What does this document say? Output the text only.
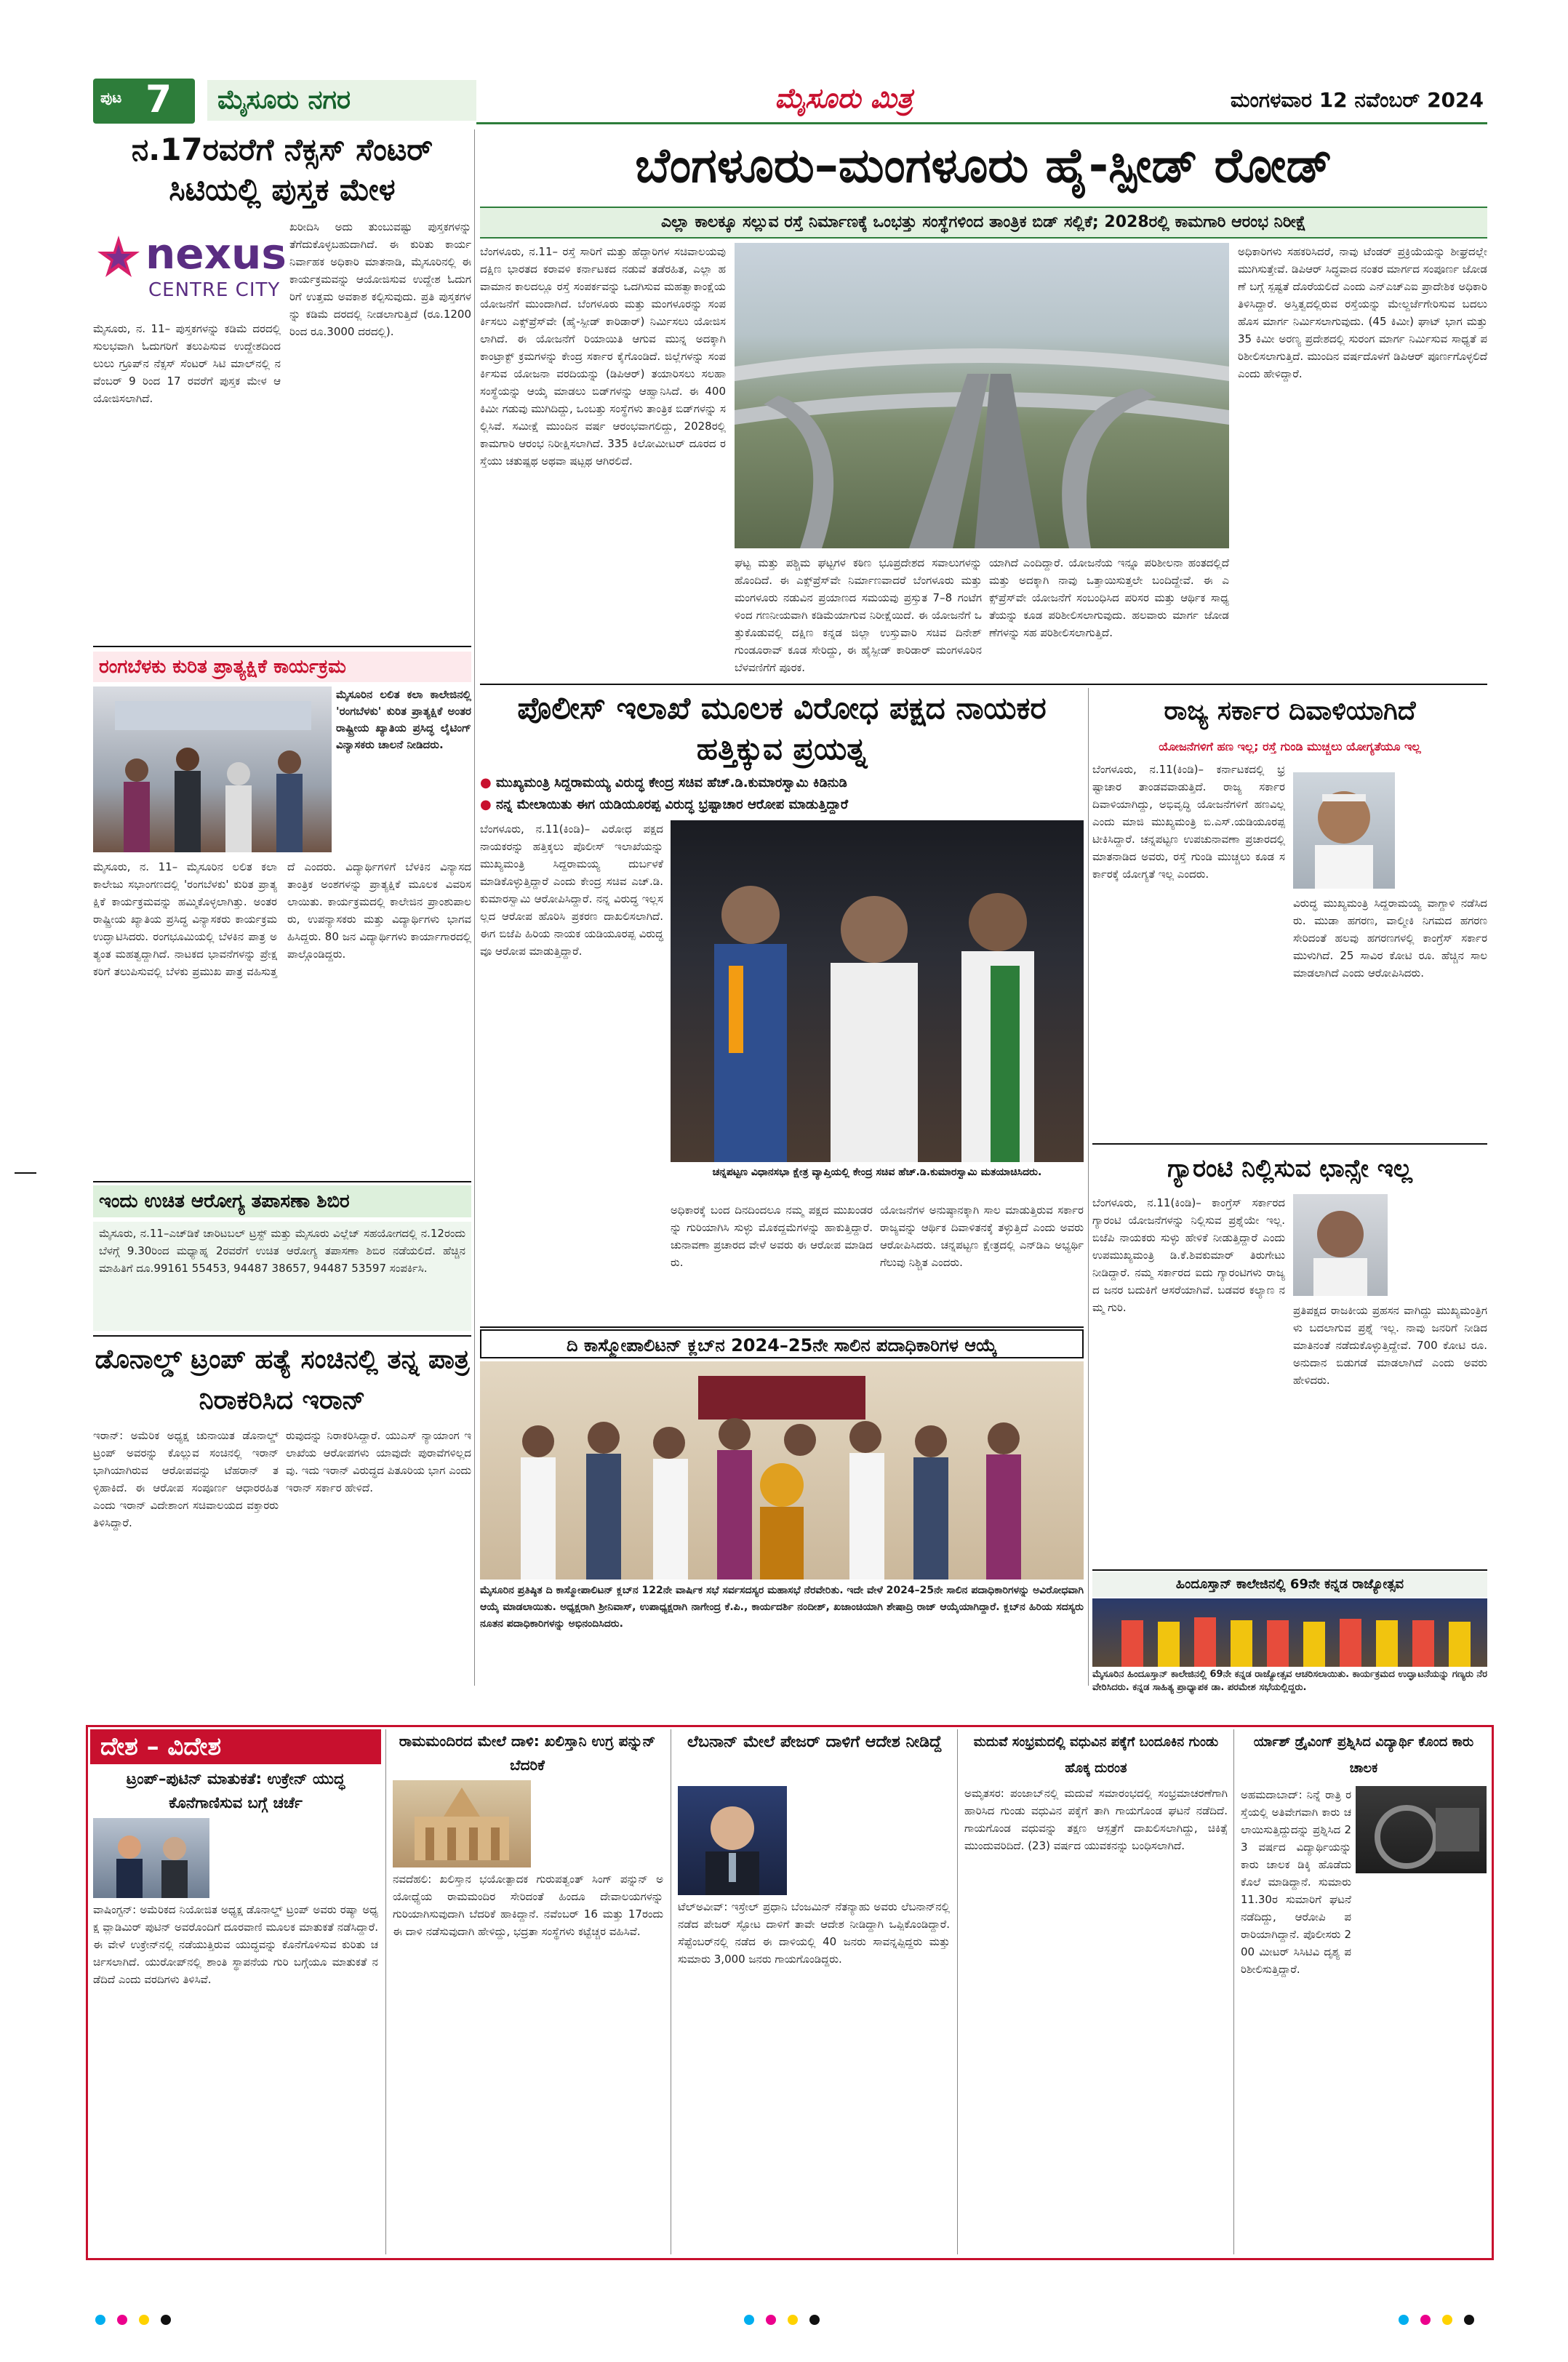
ಪುಟ 7	ಮೈಸೂರು ನಗರ	ಮೈಸೂರು ಮಿತ್ರ	ಮಂಗಳವಾರ 12 ನವೆಂಬರ್ 2024
ನ.17ರವರೆಗೆ ನೆಕ್ಸಸ್ ಸೆಂಟರ್ ಸಿಟಿಯಲ್ಲಿ ಪುಸ್ತಕ ಮೇಳ
nexus
CENTRE CITY
ಮೈಸೂರು, ನ. 11– ಪುಸ್ತಕಗಳನ್ನು ಕಡಿಮೆ ದರದಲ್ಲಿ ಸುಲಭವಾಗಿ ಓದುಗರಿಗೆ ತಲುಪಿಸುವ ಉದ್ದೇಶದಿಂದ ಲುಲು ಗ್ರೂಪ್‌ನ ನೆಕ್ಸಸ್ ಸೆಂಟರ್ ಸಿಟಿ ಮಾಲ್‌ನಲ್ಲಿ ನವೆಂಬರ್ 9 ರಿಂದ 17 ರವರೆಗೆ ಪುಸ್ತಕ ಮೇಳ ಆಯೋಜಿಸಲಾಗಿದೆ.
ಖರೀದಿಸಿ ಅದು ತುಂಬುವಷ್ಟು ಪುಸ್ತಕಗಳನ್ನು ತೆಗೆದುಕೊಳ್ಳಬಹುದಾಗಿದೆ. ಈ ಕುರಿತು ಕಾರ್ಯ ನಿರ್ವಾಹಕ ಅಧಿಕಾರಿ ಮಾತನಾಡಿ, ಮೈಸೂರಿನಲ್ಲಿ ಈ ಕಾರ್ಯಕ್ರಮವನ್ನು ಆಯೋಜಿಸುವ ಉದ್ದೇಶ ಓದುಗರಿಗೆ ಉತ್ತಮ ಅವಕಾಶ ಕಲ್ಪಿಸುವುದು. ಪ್ರತಿ ಪುಸ್ತಕಗಳನ್ನು ಕಡಿಮೆ ದರದಲ್ಲಿ ನೀಡಲಾಗುತ್ತಿದೆ (ರೂ.1200ರಿಂದ ರೂ.3000 ದರದಲ್ಲಿ).
ರಂಗಬೆಳಕು ಕುರಿತ ಪ್ರಾತ್ಯಕ್ಷಿಕೆ ಕಾರ್ಯಕ್ರಮ
ಮೈಸೂರಿನ ಲಲಿತ ಕಲಾ ಕಾಲೇಜಿನಲ್ಲಿ 'ರಂಗಬೆಳಕು' ಕುರಿತ ಪ್ರಾತ್ಯಕ್ಷಿಕೆ ಅಂತರ ರಾಷ್ಟ್ರೀಯ ಖ್ಯಾತಿಯ ಪ್ರಸಿದ್ಧ ಲೈಟಿಂಗ್ ವಿನ್ಯಾಸಕರು ಚಾಲನೆ ನೀಡಿದರು.
ಮೈಸೂರು, ನ. 11– ಮೈಸೂರಿನ ಲಲಿತ ಕಲಾ ಕಾಲೇಜು ಸಭಾಂಗಣದಲ್ಲಿ 'ರಂಗಬೆಳಕು' ಕುರಿತ ಪ್ರಾತ್ಯಕ್ಷಿಕೆ ಕಾರ್ಯಕ್ರಮವನ್ನು ಹಮ್ಮಿಕೊಳ್ಳಲಾಗಿತ್ತು. ಅಂತರರಾಷ್ಟ್ರೀಯ ಖ್ಯಾತಿಯ ಪ್ರಸಿದ್ಧ ವಿನ್ಯಾಸಕರು ಕಾರ್ಯಕ್ರಮ ಉದ್ಘಾಟಿಸಿದರು. ರಂಗಭೂಮಿಯಲ್ಲಿ ಬೆಳಕಿನ ಪಾತ್ರ ಅತ್ಯಂತ ಮಹತ್ವದ್ದಾಗಿದೆ. ನಾಟಕದ ಭಾವನೆಗಳನ್ನು ಪ್ರೇಕ್ಷಕರಿಗೆ ತಲುಪಿಸುವಲ್ಲಿ ಬೆಳಕು ಪ್ರಮುಖ ಪಾತ್ರ ವಹಿಸುತ್ತದೆ ಎಂದರು. ವಿದ್ಯಾರ್ಥಿಗಳಿಗೆ ಬೆಳಕಿನ ವಿನ್ಯಾಸದ ತಾಂತ್ರಿಕ ಅಂಶಗಳನ್ನು ಪ್ರಾತ್ಯಕ್ಷಿಕೆ ಮೂಲಕ ವಿವರಿಸಲಾಯಿತು. ಕಾರ್ಯಕ್ರಮದಲ್ಲಿ ಕಾಲೇಜಿನ ಪ್ರಾಂಶುಪಾಲರು, ಉಪನ್ಯಾಸಕರು ಮತ್ತು ವಿದ್ಯಾರ್ಥಿಗಳು ಭಾಗವಹಿಸಿದ್ದರು. 80 ಜನ ವಿದ್ಯಾರ್ಥಿಗಳು ಕಾರ್ಯಾಗಾರದಲ್ಲಿ ಪಾಲ್ಗೊಂಡಿದ್ದರು.
ಇಂದು ಉಚಿತ ಆರೋಗ್ಯ ತಪಾಸಣಾ ಶಿಬಿರ
ಮೈಸೂರು, ನ.11–ಎಚ್‌ಡಿಕೆ ಚಾರಿಟಬಲ್ ಟ್ರಸ್ಟ್ ಮತ್ತು ಮೈಸೂರು ವಿಲ್ಲೆಜ್ ಸಹಯೋಗದಲ್ಲಿ ನ.12ರಂದು ಬೆಳಗ್ಗೆ 9.30ರಿಂದ ಮಧ್ಯಾಹ್ನ 2ರವರೆಗೆ ಉಚಿತ ಆರೋಗ್ಯ ತಪಾಸಣಾ ಶಿಬಿರ ನಡೆಯಲಿದೆ. ಹೆಚ್ಚಿನ ಮಾಹಿತಿಗೆ ದೂ.99161 55453, 94487 38657, 94487 53597 ಸಂಪರ್ಕಿಸಿ.
ಡೊನಾಲ್ಡ್ ಟ್ರಂಪ್ ಹತ್ಯೆ ಸಂಚಿನಲ್ಲಿ ತನ್ನ ಪಾತ್ರ ನಿರಾಕರಿಸಿದ ಇರಾನ್
ಇರಾನ್: ಅಮೆರಿಕ ಅಧ್ಯಕ್ಷ ಚುನಾಯಿತ ಡೊನಾಲ್ಡ್ ಟ್ರಂಪ್ ಅವರನ್ನು ಕೊಲ್ಲುವ ಸಂಚಿನಲ್ಲಿ ಇರಾನ್ ಭಾಗಿಯಾಗಿರುವ ಆರೋಪವನ್ನು ಟೆಹರಾನ್ ತಳ್ಳಿಹಾಕಿದೆ. ಈ ಆರೋಪ ಸಂಪೂರ್ಣ ಆಧಾರರಹಿತ ಎಂದು ಇರಾನ್ ವಿದೇಶಾಂಗ ಸಚಿವಾಲಯದ ವಕ್ತಾರರು ತಿಳಿಸಿದ್ದಾರೆ.
ರುವುದನ್ನು ನಿರಾಕರಿಸಿದ್ದಾರೆ. ಯುಎಸ್ ನ್ಯಾಯಾಂಗ ಇಲಾಖೆಯ ಆರೋಪಗಳು ಯಾವುದೇ ಪುರಾವೆಗಳಿಲ್ಲದವು. ಇದು ಇರಾನ್ ವಿರುದ್ಧದ ಪಿತೂರಿಯ ಭಾಗ ಎಂದು ಇರಾನ್ ಸರ್ಕಾರ ಹೇಳಿದೆ.
ಬೆಂಗಳೂರು–ಮಂಗಳೂರು ಹೈ-ಸ್ಪೀಡ್ ರೋಡ್
ಎಲ್ಲಾ ಕಾಲಕ್ಕೂ ಸಲ್ಲುವ ರಸ್ತೆ ನಿರ್ಮಾಣಕ್ಕೆ ಒಂಭತ್ತು ಸಂಸ್ಥೆಗಳಿಂದ ತಾಂತ್ರಿಕ ಬಿಡ್ ಸಲ್ಲಿಕೆ; 2028ರಲ್ಲಿ ಕಾಮಗಾರಿ ಆರಂಭ ನಿರೀಕ್ಷೆ
ಬೆಂಗಳೂರು, ನ.11– ರಸ್ತೆ ಸಾರಿಗೆ ಮತ್ತು ಹೆದ್ದಾರಿಗಳ ಸಚಿವಾಲಯವು ದಕ್ಷಿಣ ಭಾರತದ ಕರಾವಳಿ ಕರ್ನಾಟಕದ ನಡುವೆ ತಡೆರಹಿತ, ಎಲ್ಲಾ ಹವಾಮಾನ ಕಾಲದಲ್ಲೂ ರಸ್ತೆ ಸಂಪರ್ಕವನ್ನು ಒದಗಿಸುವ ಮಹತ್ವಾಕಾಂಕ್ಷೆಯ ಯೋಜನೆಗೆ ಮುಂದಾಗಿದೆ. ಬೆಂಗಳೂರು ಮತ್ತು ಮಂಗಳೂರನ್ನು ಸಂಪರ್ಕಿಸಲು ಎಕ್ಸ್‌ಪ್ರೆಸ್‌ವೇ (ಹೈ-ಸ್ಪೀಡ್ ಕಾರಿಡಾರ್) ನಿರ್ಮಿಸಲು ಯೋಜಿಸಲಾಗಿದೆ. ಈ ಯೋಜನೆಗೆ ರಿಯಾಯಿತಿ ಆಗುವ ಮುನ್ನ ಅದಕ್ಕಾಗಿ ಕಾಂಟ್ರಾಕ್ಟ್ ಕ್ರಮಗಳನ್ನು ಕೇಂದ್ರ ಸರ್ಕಾರ ಕೈಗೊಂಡಿದೆ. ಜಿಲ್ಲೆಗಳನ್ನು ಸಂಪರ್ಕಿಸುವ ಯೋಜನಾ ವರದಿಯನ್ನು (ಡಿಪಿಆರ್) ತಯಾರಿಸಲು ಸಲಹಾ ಸಂಸ್ಥೆಯನ್ನು ಆಯ್ಕೆ ಮಾಡಲು ಬಿಡ್‌ಗಳನ್ನು ಆಹ್ವಾನಿಸಿದೆ. ಈ 400ಕಿಮೀ ಗಡುವು ಮುಗಿದಿದ್ದು, ಒಂಬತ್ತು ಸಂಸ್ಥೆಗಳು ತಾಂತ್ರಿಕ ಬಿಡ್‌ಗಳನ್ನು ಸಲ್ಲಿಸಿವೆ. ಸಮೀಕ್ಷೆ ಮುಂದಿನ ವರ್ಷ ಆರಂಭವಾಗಲಿದ್ದು, 2028ರಲ್ಲಿ ಕಾಮಗಾರಿ ಆರಂಭ ನಿರೀಕ್ಷಿಸಲಾಗಿದೆ. 335 ಕಿಲೋಮೀಟರ್ ದೂರದ ರಸ್ತೆಯು ಚತುಷ್ಪಥ ಅಥವಾ ಷಟ್ಪಥ ಆಗಿರಲಿದೆ.
ಘಟ್ಟ ಮತ್ತು ಪಶ್ಚಿಮ ಘಟ್ಟಗಳ ಕಠಿಣ ಭೂಪ್ರದೇಶದ ಸವಾಲುಗಳನ್ನು ಹೊಂದಿದೆ. ಈ ಎಕ್ಸ್‌ಪ್ರೆಸ್‌ವೇ ನಿರ್ಮಾಣವಾದರೆ ಬೆಂಗಳೂರು ಮತ್ತು ಮಂಗಳೂರು ನಡುವಿನ ಪ್ರಯಾಣದ ಸಮಯವು ಪ್ರಸ್ತುತ 7–8 ಗಂಟೆಗಳಿಂದ ಗಣನೀಯವಾಗಿ ಕಡಿಮೆಯಾಗುವ ನಿರೀಕ್ಷೆಯಿದೆ. ಈ ಯೋಜನೆಗೆ ಒತ್ತುಕೊಡುವಲ್ಲಿ ದಕ್ಷಿಣ ಕನ್ನಡ ಜಿಲ್ಲಾ ಉಸ್ತುವಾರಿ ಸಚಿವ ದಿನೇಶ್ ಗುಂಡೂರಾವ್ ಕೂಡ ಸೇರಿದ್ದು, ಈ ಹೈಸ್ಪೀಡ್ ಕಾರಿಡಾರ್ ಮಂಗಳೂರಿನ ಬೆಳವಣಿಗೆಗೆ ಪೂರಕ.
ಯಾಗಿದೆ ಎಂದಿದ್ದಾರೆ. ಯೋಜನೆಯ ಇನ್ನೂ ಪರಿಶೀಲನಾ ಹಂತದಲ್ಲಿದೆ ಮತ್ತು ಅದಕ್ಕಾಗಿ ನಾವು ಒತ್ತಾಯಿಸುತ್ತಲೇ ಬಂದಿದ್ದೇವೆ. ಈ ಎಕ್ಸ್‌ಪ್ರೆಸ್‌ವೇ ಯೋಜನೆಗೆ ಸಂಬಂಧಿಸಿದ ಪರಿಸರ ಮತ್ತು ಆರ್ಥಿಕ ಸಾಧ್ಯತೆಯನ್ನು ಕೂಡ ಪರಿಶೀಲಿಸಲಾಗುವುದು. ಹಲವಾರು ಮಾರ್ಗ ಜೋಡಣೆಗಳನ್ನು ಸಹ ಪರಿಶೀಲಿಸಲಾಗುತ್ತಿದೆ.
ಅಧಿಕಾರಿಗಳು ಸಹಕರಿಸಿದರೆ, ನಾವು ಟೆಂಡರ್ ಪ್ರಕ್ರಿಯೆಯನ್ನು ಶೀಘ್ರದಲ್ಲೇ ಮುಗಿಸುತ್ತೇವೆ. ಡಿಪಿಆರ್ ಸಿದ್ಧವಾದ ನಂತರ ಮಾರ್ಗದ ಸಂಪೂರ್ಣ ಜೋಡಣೆ ಬಗ್ಗೆ ಸ್ಪಷ್ಟತೆ ದೊರೆಯಲಿದೆ ಎಂದು ಎನ್‌ಎಚ್‌ಎಐ ಪ್ರಾದೇಶಿಕ ಅಧಿಕಾರಿ ತಿಳಿಸಿದ್ದಾರೆ. ಅಸ್ತಿತ್ವದಲ್ಲಿರುವ ರಸ್ತೆಯನ್ನು ಮೇಲ್ದರ್ಜೆಗೇರಿಸುವ ಬದಲು ಹೊಸ ಮಾರ್ಗ ನಿರ್ಮಿಸಲಾಗುವುದು. (45 ಕಿಮೀ) ಘಾಟ್ ಭಾಗ ಮತ್ತು 35 ಕಿಮೀ ಅರಣ್ಯ ಪ್ರದೇಶದಲ್ಲಿ ಸುರಂಗ ಮಾರ್ಗ ನಿರ್ಮಿಸುವ ಸಾಧ್ಯತೆ ಪರಿಶೀಲಿಸಲಾಗುತ್ತಿದೆ. ಮುಂದಿನ ವರ್ಷದೊಳಗೆ ಡಿಪಿಆರ್ ಪೂರ್ಣಗೊಳ್ಳಲಿದೆ ಎಂದು ಹೇಳಿದ್ದಾರೆ.
ಪೊಲೀಸ್ ಇಲಾಖೆ ಮೂಲಕ ವಿರೋಧ ಪಕ್ಷದ ನಾಯಕರ ಹತ್ತಿಕ್ಕುವ ಪ್ರಯತ್ನ
● ಮುಖ್ಯಮಂತ್ರಿ ಸಿದ್ದರಾಮಯ್ಯ ವಿರುದ್ಧ ಕೇಂದ್ರ ಸಚಿವ ಹೆಚ್.ಡಿ.ಕುಮಾರಸ್ವಾಮಿ ಕಿಡಿನುಡಿ
● ನನ್ನ ಮೇಲಾಯಿತು ಈಗ ಯಡಿಯೂರಪ್ಪ ವಿರುದ್ಧ ಭ್ರಷ್ಟಾಚಾರ ಆರೋಪ ಮಾಡುತ್ತಿದ್ದಾರೆ
ಬೆಂಗಳೂರು, ನ.11(ಕಿಂಡಿ)– ವಿರೋಧ ಪಕ್ಷದ ನಾಯಕರನ್ನು ಹತ್ತಿಕ್ಕಲು ಪೊಲೀಸ್ ಇಲಾಖೆಯನ್ನು ಮುಖ್ಯಮಂತ್ರಿ ಸಿದ್ದರಾಮಯ್ಯ ದುರ್ಬಳಕೆ ಮಾಡಿಕೊಳ್ಳುತ್ತಿದ್ದಾರೆ ಎಂದು ಕೇಂದ್ರ ಸಚಿವ ಎಚ್.ಡಿ.ಕುಮಾರಸ್ವಾಮಿ ಆರೋಪಿಸಿದ್ದಾರೆ. ನನ್ನ ವಿರುದ್ಧ ಇಲ್ಲಸಲ್ಲದ ಆರೋಪ ಹೊರಿಸಿ ಪ್ರಕರಣ ದಾಖಲಿಸಲಾಗಿದೆ. ಈಗ ಬಿಜೆಪಿ ಹಿರಿಯ ನಾಯಕ ಯಡಿಯೂರಪ್ಪ ವಿರುದ್ಧವೂ ಆರೋಪ ಮಾಡುತ್ತಿದ್ದಾರೆ.
ಚನ್ನಪಟ್ಟಣ ವಿಧಾನಸಭಾ ಕ್ಷೇತ್ರ ವ್ಯಾಪ್ತಿಯಲ್ಲಿ ಕೇಂದ್ರ ಸಚಿವ ಹೆಚ್.ಡಿ.ಕುಮಾರಸ್ವಾಮಿ ಮತಯಾಚಿಸಿದರು.
ಅಧಿಕಾರಕ್ಕೆ ಬಂದ ದಿನದಿಂದಲೂ ನಮ್ಮ ಪಕ್ಷದ ಮುಖಂಡರನ್ನು ಗುರಿಯಾಗಿಸಿ ಸುಳ್ಳು ಮೊಕದ್ದಮೆಗಳನ್ನು ಹಾಕುತ್ತಿದ್ದಾರೆ. ಚುನಾವಣಾ ಪ್ರಚಾರದ ವೇಳೆ ಅವರು ಈ ಆರೋಪ ಮಾಡಿದರು.
ಯೋಜನೆಗಳ ಅನುಷ್ಠಾನಕ್ಕಾಗಿ ಸಾಲ ಮಾಡುತ್ತಿರುವ ಸರ್ಕಾರ ರಾಜ್ಯವನ್ನು ಆರ್ಥಿಕ ದಿವಾಳಿತನಕ್ಕೆ ತಳ್ಳುತ್ತಿದೆ ಎಂದು ಅವರು ಆರೋಪಿಸಿದರು. ಚನ್ನಪಟ್ಟಣ ಕ್ಷೇತ್ರದಲ್ಲಿ ಎನ್‌ಡಿಎ ಅಭ್ಯರ್ಥಿ ಗೆಲುವು ನಿಶ್ಚಿತ ಎಂದರು.
ದಿ ಕಾಸ್ಮೋಪಾಲಿಟನ್ ಕ್ಲಬ್‌ನ 2024–25ನೇ ಸಾಲಿನ ಪದಾಧಿಕಾರಿಗಳ ಆಯ್ಕೆ
ಮೈಸೂರಿನ ಪ್ರತಿಷ್ಠಿತ ದಿ ಕಾಸ್ಮೋಪಾಲಿಟನ್ ಕ್ಲಬ್‌ನ 122ನೇ ವಾರ್ಷಿಕ ಸಭೆ ಸರ್ವಸದಸ್ಯರ ಮಹಾಸಭೆ ನೆರವೇರಿತು. ಇದೇ ವೇಳೆ 2024–25ನೇ ಸಾಲಿನ ಪದಾಧಿಕಾರಿಗಳನ್ನು ಅವಿರೋಧವಾಗಿ ಆಯ್ಕೆ ಮಾಡಲಾಯಿತು. ಅಧ್ಯಕ್ಷರಾಗಿ ಶ್ರೀನಿವಾಸ್, ಉಪಾಧ್ಯಕ್ಷರಾಗಿ ನಾಗೇಂದ್ರ ಕೆ.ಪಿ., ಕಾರ್ಯದರ್ಶಿ ನಂದೀಶ್, ಖಜಾಂಚಿಯಾಗಿ ಶೇಷಾದ್ರಿ ರಾಜ್ ಆಯ್ಕೆಯಾಗಿದ್ದಾರೆ. ಕ್ಲಬ್‌ನ ಹಿರಿಯ ಸದಸ್ಯರು ನೂತನ ಪದಾಧಿಕಾರಿಗಳನ್ನು ಅಭಿನಂದಿಸಿದರು.
ರಾಜ್ಯ ಸರ್ಕಾರ ದಿವಾಳಿಯಾಗಿದೆ
ಯೋಜನೆಗಳಿಗೆ ಹಣ ಇಲ್ಲ; ರಸ್ತೆ ಗುಂಡಿ ಮುಚ್ಚಲು ಯೋಗ್ಯತೆಯೂ ಇಲ್ಲ
ಬೆಂಗಳೂರು, ನ.11(ಕಿಂಡಿ)– ಕರ್ನಾಟಕದಲ್ಲಿ ಭ್ರಷ್ಟಾಚಾರ ತಾಂಡವವಾಡುತ್ತಿದೆ. ರಾಜ್ಯ ಸರ್ಕಾರ ದಿವಾಳಿಯಾಗಿದ್ದು, ಅಭಿವೃದ್ಧಿ ಯೋಜನೆಗಳಿಗೆ ಹಣವಿಲ್ಲ ಎಂದು ಮಾಜಿ ಮುಖ್ಯಮಂತ್ರಿ ಬಿ.ಎಸ್.ಯಡಿಯೂರಪ್ಪ ಟೀಕಿಸಿದ್ದಾರೆ. ಚನ್ನಪಟ್ಟಣ ಉಪಚುನಾವಣಾ ಪ್ರಚಾರದಲ್ಲಿ ಮಾತನಾಡಿದ ಅವರು, ರಸ್ತೆ ಗುಂಡಿ ಮುಚ್ಚಲು ಕೂಡ ಸರ್ಕಾರಕ್ಕೆ ಯೋಗ್ಯತೆ ಇಲ್ಲ ಎಂದರು.
ವಿರುದ್ಧ ಮುಖ್ಯಮಂತ್ರಿ ಸಿದ್ದರಾಮಯ್ಯ ವಾಗ್ದಾಳಿ ನಡೆಸಿದರು. ಮುಡಾ ಹಗರಣ, ವಾಲ್ಮೀಕಿ ನಿಗಮದ ಹಗರಣ ಸೇರಿದಂತೆ ಹಲವು ಹಗರಣಗಳಲ್ಲಿ ಕಾಂಗ್ರೆಸ್ ಸರ್ಕಾರ ಮುಳುಗಿದೆ. 25 ಸಾವಿರ ಕೋಟಿ ರೂ. ಹೆಚ್ಚಿನ ಸಾಲ ಮಾಡಲಾಗಿದೆ ಎಂದು ಆರೋಪಿಸಿದರು.
ಗ್ಯಾರಂಟಿ ನಿಲ್ಲಿಸುವ ಛಾನ್ಸೇ ಇಲ್ಲ
ಬೆಂಗಳೂರು, ನ.11(ಕಿಂಡಿ)– ಕಾಂಗ್ರೆಸ್ ಸರ್ಕಾರದ ಗ್ಯಾರಂಟಿ ಯೋಜನೆಗಳನ್ನು ನಿಲ್ಲಿಸುವ ಪ್ರಶ್ನೆಯೇ ಇಲ್ಲ. ಬಿಜೆಪಿ ನಾಯಕರು ಸುಳ್ಳು ಹೇಳಿಕೆ ನೀಡುತ್ತಿದ್ದಾರೆ ಎಂದು ಉಪಮುಖ್ಯಮಂತ್ರಿ ಡಿ.ಕೆ.ಶಿವಕುಮಾರ್ ತಿರುಗೇಟು ನೀಡಿದ್ದಾರೆ. ನಮ್ಮ ಸರ್ಕಾರದ ಐದು ಗ್ಯಾರಂಟಿಗಳು ರಾಜ್ಯದ ಜನರ ಬದುಕಿಗೆ ಆಸರೆಯಾಗಿವೆ. ಬಡವರ ಕಲ್ಯಾಣ ನಮ್ಮ ಗುರಿ.	ಪ್ರತಿಪಕ್ಷದ ರಾಜಕೀಯ ಪ್ರಹಸನ ವಾಗಿದ್ದು ಮುಖ್ಯಮಂತ್ರಿಗಳು ಬದಲಾಗುವ ಪ್ರಶ್ನೆ ಇಲ್ಲ. ನಾವು ಜನರಿಗೆ ನೀಡಿದ ಮಾತಿನಂತೆ ನಡೆದುಕೊಳ್ಳುತ್ತಿದ್ದೇವೆ. 700 ಕೋಟಿ ರೂ. ಅನುದಾನ ಬಿಡುಗಡೆ ಮಾಡಲಾಗಿದೆ ಎಂದು ಅವರು ಹೇಳಿದರು.
ಹಿಂದೂಸ್ತಾನ್ ಕಾಲೇಜಿನಲ್ಲಿ 69ನೇ ಕನ್ನಡ ರಾಜ್ಯೋತ್ಸವ
ಮೈಸೂರಿನ ಹಿಂದೂಸ್ತಾನ್ ಕಾಲೇಜಿನಲ್ಲಿ 69ನೇ ಕನ್ನಡ ರಾಜ್ಯೋತ್ಸವ ಆಚರಿಸಲಾಯಿತು. ಕಾರ್ಯಕ್ರಮದ ಉದ್ಘಾಟನೆಯನ್ನು ಗಣ್ಯರು ನೆರವೇರಿಸಿದರು. ಕನ್ನಡ ಸಾಹಿತ್ಯ ಪ್ರಾಧ್ಯಾಪಕ ಡಾ. ಪರಮೇಶ ಸಭೆಯಲ್ಲಿದ್ದರು.
ದೇಶ – ವಿದೇಶ
ಟ್ರಂಪ್–ಪುಟಿನ್ ಮಾತುಕತೆ: ಉಕ್ರೇನ್ ಯುದ್ಧ ಕೊನೆಗಾಣಿಸುವ ಬಗ್ಗೆ ಚರ್ಚೆ
ವಾಷಿಂಗ್ಟನ್: ಅಮೆರಿಕದ ನಿಯೋಜಿತ ಅಧ್ಯಕ್ಷ ಡೊನಾಲ್ಡ್ ಟ್ರಂಪ್ ಅವರು ರಷ್ಯಾ ಅಧ್ಯಕ್ಷ ವ್ಲಾಡಿಮಿರ್ ಪುಟಿನ್ ಅವರೊಂದಿಗೆ ದೂರವಾಣಿ ಮೂಲಕ ಮಾತುಕತೆ ನಡೆಸಿದ್ದಾರೆ. ಈ ವೇಳೆ ಉಕ್ರೇನ್‌ನಲ್ಲಿ ನಡೆಯುತ್ತಿರುವ ಯುದ್ಧವನ್ನು ಕೊನೆಗೊಳಿಸುವ ಕುರಿತು ಚರ್ಚಿಸಲಾಗಿದೆ. ಯುರೋಪ್‌ನಲ್ಲಿ ಶಾಂತಿ ಸ್ಥಾಪನೆಯ ಗುರಿ ಬಗ್ಗೆಯೂ ಮಾತುಕತೆ ನಡೆದಿದೆ ಎಂದು ವರದಿಗಳು ತಿಳಿಸಿವೆ.
ರಾಮಮಂದಿರದ ಮೇಲೆ ದಾಳಿ: ಖಲಿಸ್ತಾನಿ ಉಗ್ರ ಪನ್ನುನ್ ಬೆದರಿಕೆ
ನವದೆಹಲಿ: ಖಲಿಸ್ತಾನ ಭಯೋತ್ಪಾದಕ ಗುರುಪತ್ವಂತ್ ಸಿಂಗ್ ಪನ್ನುನ್ ಅಯೋಧ್ಯೆಯ ರಾಮಮಂದಿರ ಸೇರಿದಂತೆ ಹಿಂದೂ ದೇವಾಲಯಗಳನ್ನು ಗುರಿಯಾಗಿಸುವುದಾಗಿ ಬೆದರಿಕೆ ಹಾಕಿದ್ದಾನೆ. ನವೆಂಬರ್ 16 ಮತ್ತು 17ರಂದು ಈ ದಾಳಿ ನಡೆಸುವುದಾಗಿ ಹೇಳಿದ್ದು, ಭದ್ರತಾ ಸಂಸ್ಥೆಗಳು ಕಟ್ಟೆಚ್ಚರ ವಹಿಸಿವೆ.
ಲೆಬನಾನ್ ಮೇಲೆ ಪೇಜರ್ ದಾಳಿಗೆ ಆದೇಶ ನೀಡಿದ್ದೆ
ಟೆಲ್‌ಅವೀವ್: ಇಸ್ರೇಲ್ ಪ್ರಧಾನಿ ಬೆಂಜಮಿನ್ ನೆತನ್ಯಾಹು ಅವರು ಲೆಬನಾನ್‌ನಲ್ಲಿ ನಡೆದ ಪೇಜರ್ ಸ್ಫೋಟ ದಾಳಿಗೆ ತಾವೇ ಆದೇಶ ನೀಡಿದ್ದಾಗಿ ಒಪ್ಪಿಕೊಂಡಿದ್ದಾರೆ. ಸೆಪ್ಟೆಂಬರ್‌ನಲ್ಲಿ ನಡೆದ ಈ ದಾಳಿಯಲ್ಲಿ 40 ಜನರು ಸಾವನ್ನಪ್ಪಿದ್ದರು ಮತ್ತು ಸುಮಾರು 3,000 ಜನರು ಗಾಯಗೊಂಡಿದ್ದರು.
ಮದುವೆ ಸಂಭ್ರಮದಲ್ಲಿ ವಧುವಿನ ಪಕ್ಕೆಗೆ ಬಂದೂಕಿನ ಗುಂಡು ಹೊಕ್ಕ ದುರಂತ
ಅಮೃತಸರ: ಪಂಜಾಬ್‌ನಲ್ಲಿ ಮದುವೆ ಸಮಾರಂಭದಲ್ಲಿ ಸಂಭ್ರಮಾಚರಣೆಗಾಗಿ ಹಾರಿಸಿದ ಗುಂಡು ವಧುವಿನ ಪಕ್ಕೆಗೆ ತಾಗಿ ಗಾಯಗೊಂಡ ಘಟನೆ ನಡೆದಿದೆ. ಗಾಯಗೊಂಡ ವಧುವನ್ನು ತಕ್ಷಣ ಆಸ್ಪತ್ರೆಗೆ ದಾಖಲಿಸಲಾಗಿದ್ದು, ಚಿಕಿತ್ಸೆ ಮುಂದುವರಿದಿದೆ. (23) ವರ್ಷದ ಯುವಕನನ್ನು ಬಂಧಿಸಲಾಗಿದೆ.
ರ್ಯಾಶ್ ಡ್ರೈವಿಂಗ್ ಪ್ರಶ್ನಿಸಿದ ವಿದ್ಯಾರ್ಥಿ ಕೊಂದ ಕಾರು ಚಾಲಕ
ಅಹಮದಾಬಾದ್: ನಿನ್ನೆ ರಾತ್ರಿ ರಸ್ತೆಯಲ್ಲಿ ಅತಿವೇಗವಾಗಿ ಕಾರು ಚಲಾಯಿಸುತ್ತಿದ್ದುದನ್ನು ಪ್ರಶ್ನಿಸಿದ 23 ವರ್ಷದ ವಿದ್ಯಾರ್ಥಿಯನ್ನು ಕಾರು ಚಾಲಕ ಡಿಕ್ಕಿ ಹೊಡೆದು ಕೊಲೆ ಮಾಡಿದ್ದಾನೆ. ಸುಮಾರು 11.30ರ ಸುಮಾರಿಗೆ ಘಟನೆ ನಡೆದಿದ್ದು, ಆರೋಪಿ ಪರಾರಿಯಾಗಿದ್ದಾನೆ. ಪೊಲೀಸರು 200 ಮೀಟರ್ ಸಿಸಿಟಿವಿ ದೃಶ್ಯ ಪರಿಶೀಲಿಸುತ್ತಿದ್ದಾರೆ.
